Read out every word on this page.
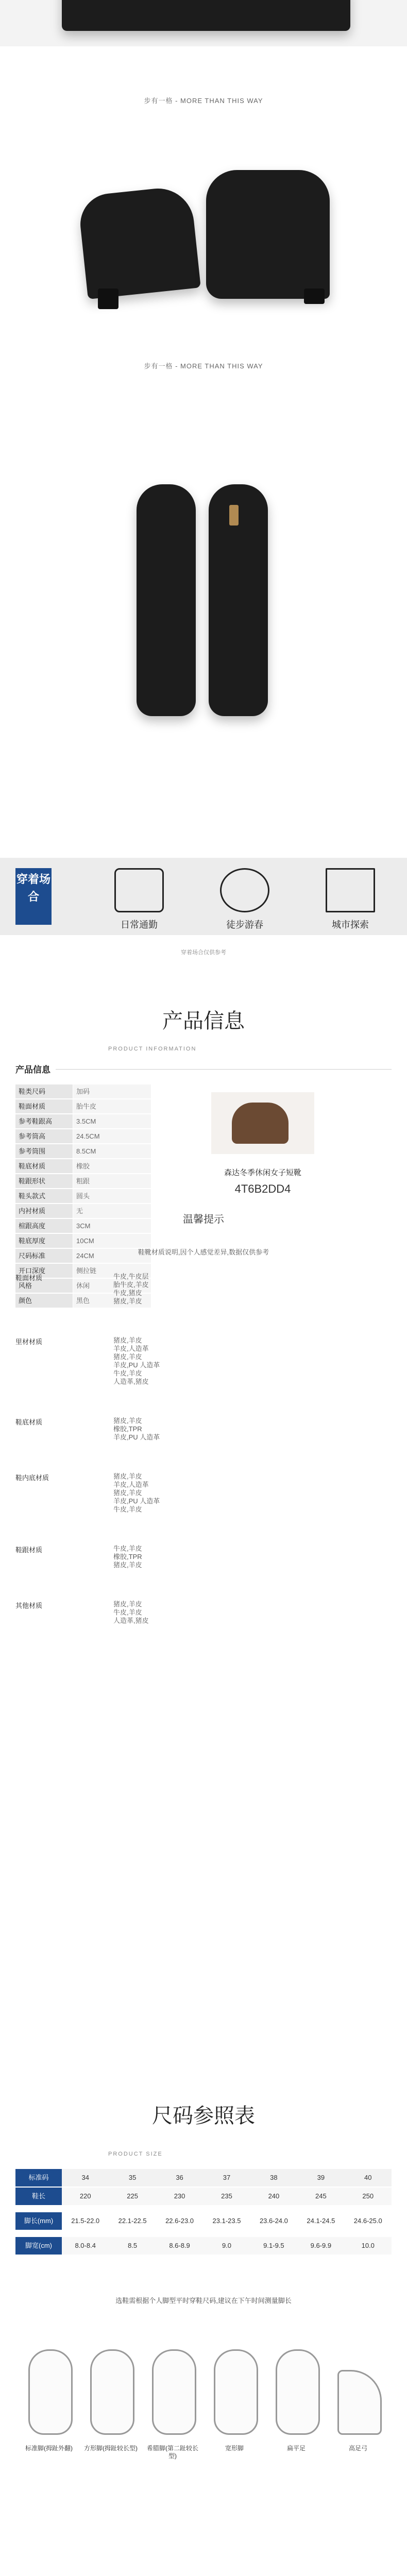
步有一格 - MORE THAN THIS WAY
步有一格 - MORE THAN THIS WAY
穿着场合
日常通勤	徒步游春	城市探索
穿着场合仅供参考
产品信息
产品信息
PRODUCT INFORMATION
鞋类尺码	加码
鞋面材质	胎牛皮
参考鞋跟高	3.5CM
参考筒高	24.5CM
参考筒围	8.5CM
鞋底材质	橡胶
鞋跟形状	粗跟
鞋头款式	圆头
内衬材质	无
楦跟高度	3CM
鞋底厚度	10CM
尺码标准	24CM
开口深度	侧拉链
风格	休闲
颜色	黑色
森达冬季休闲女子短靴
4T6B2DD4
温馨提示
鞋靴材质说明,因个人感觉差异,数据仅供参考
鞋面材质	牛皮,牛皮层
胎牛皮,羊皮
牛皮,猪皮
猪皮,羊皮
里材材质	猪皮,羊皮
羊皮,人造革
猪皮,羊皮
羊皮,PU 人造革
牛皮,羊皮
人造革,猪皮
鞋底材质	猪皮,羊皮
橡胶,TPR
羊皮,PU 人造革
鞋内底材质	猪皮,羊皮
羊皮,人造革
猪皮,羊皮
羊皮,PU 人造革
牛皮,羊皮
鞋跟材质	牛皮,羊皮
橡胶,TPR
猪皮,羊皮
其他材质	猪皮,羊皮
牛皮,羊皮
人造革,猪皮
尺码参照表
PRODUCT SIZE
标准码	34	35	36	37	38	39	40
鞋长	220	225	230	235	240	245	250
脚长(mm)	21.5-22.0	22.1-22.5	22.6-23.0	23.1-23.5	23.6-24.0	24.1-24.5	24.6-25.0
脚宽(cm)	8.0-8.4	8.5	8.6-8.9	9.0	9.1-9.5	9.6-9.9	10.0
选鞋需根据个人脚型平时穿鞋尺码,建议在下午时间测量脚长
标准脚(拇趾外翻)	方形脚(拇趾较长型)	希腊脚(第二趾较长型)
宽形脚	扁平足	高足弓
